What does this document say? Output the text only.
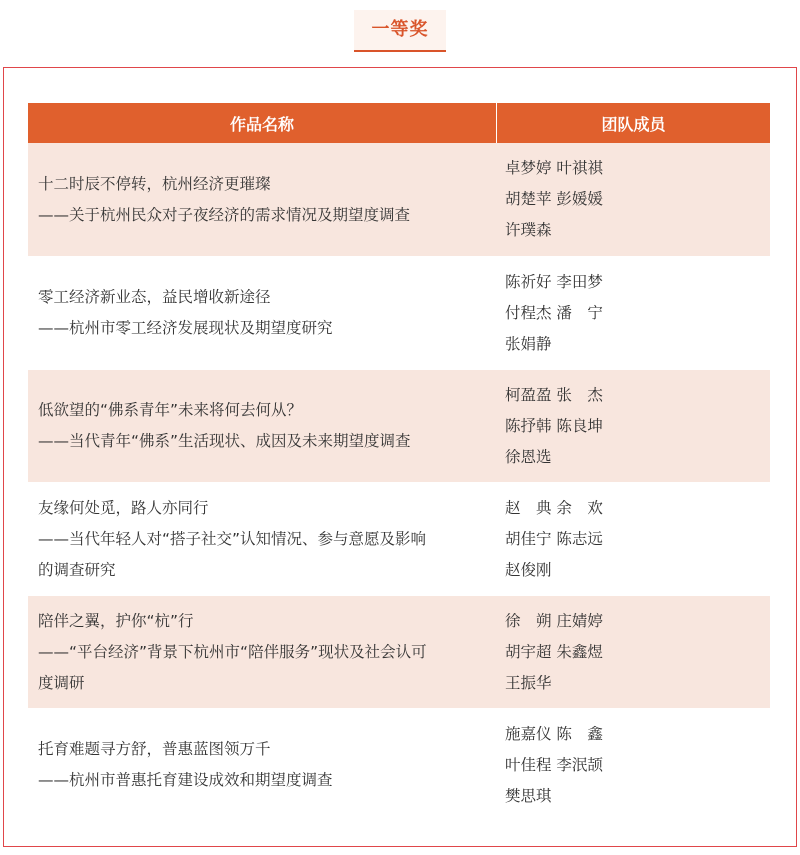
一等奖
作品名称	团队成员
十二时辰不停转，杭州经济更璀璨
——关于杭州民众对子夜经济的需求情况及期望度调查
卓梦婷 叶祺祺
胡楚苹 彭媛媛
许璞森
零工经济新业态，益民增收新途径
——杭州市零工经济发展现状及期望度研究
陈祈好 李田梦
付程杰 潘　宁
张娟静
低欲望的“佛系青年”未来将何去何从？
——当代青年“佛系”生活现状、成因及未来期望度调查
柯盈盈 张　杰
陈抒韩 陈良坤
徐恩选
友缘何处觅，路人亦同行
——当代年轻人对“搭子社交”认知情况、参与意愿及影响
的调查研究
赵　典 余　欢
胡佳宁 陈志远
赵俊刚
陪伴之翼，护你“杭”行
——“平台经济”背景下杭州市“陪伴服务”现状及社会认可
度调研
徐　朔 庄婧婷
胡宇超 朱鑫煜
王振华
托育难题寻方舒，普惠蓝图领万千
——杭州市普惠托育建设成效和期望度调查
施嘉仪 陈　鑫
叶佳程 李泯颉
樊思琪
